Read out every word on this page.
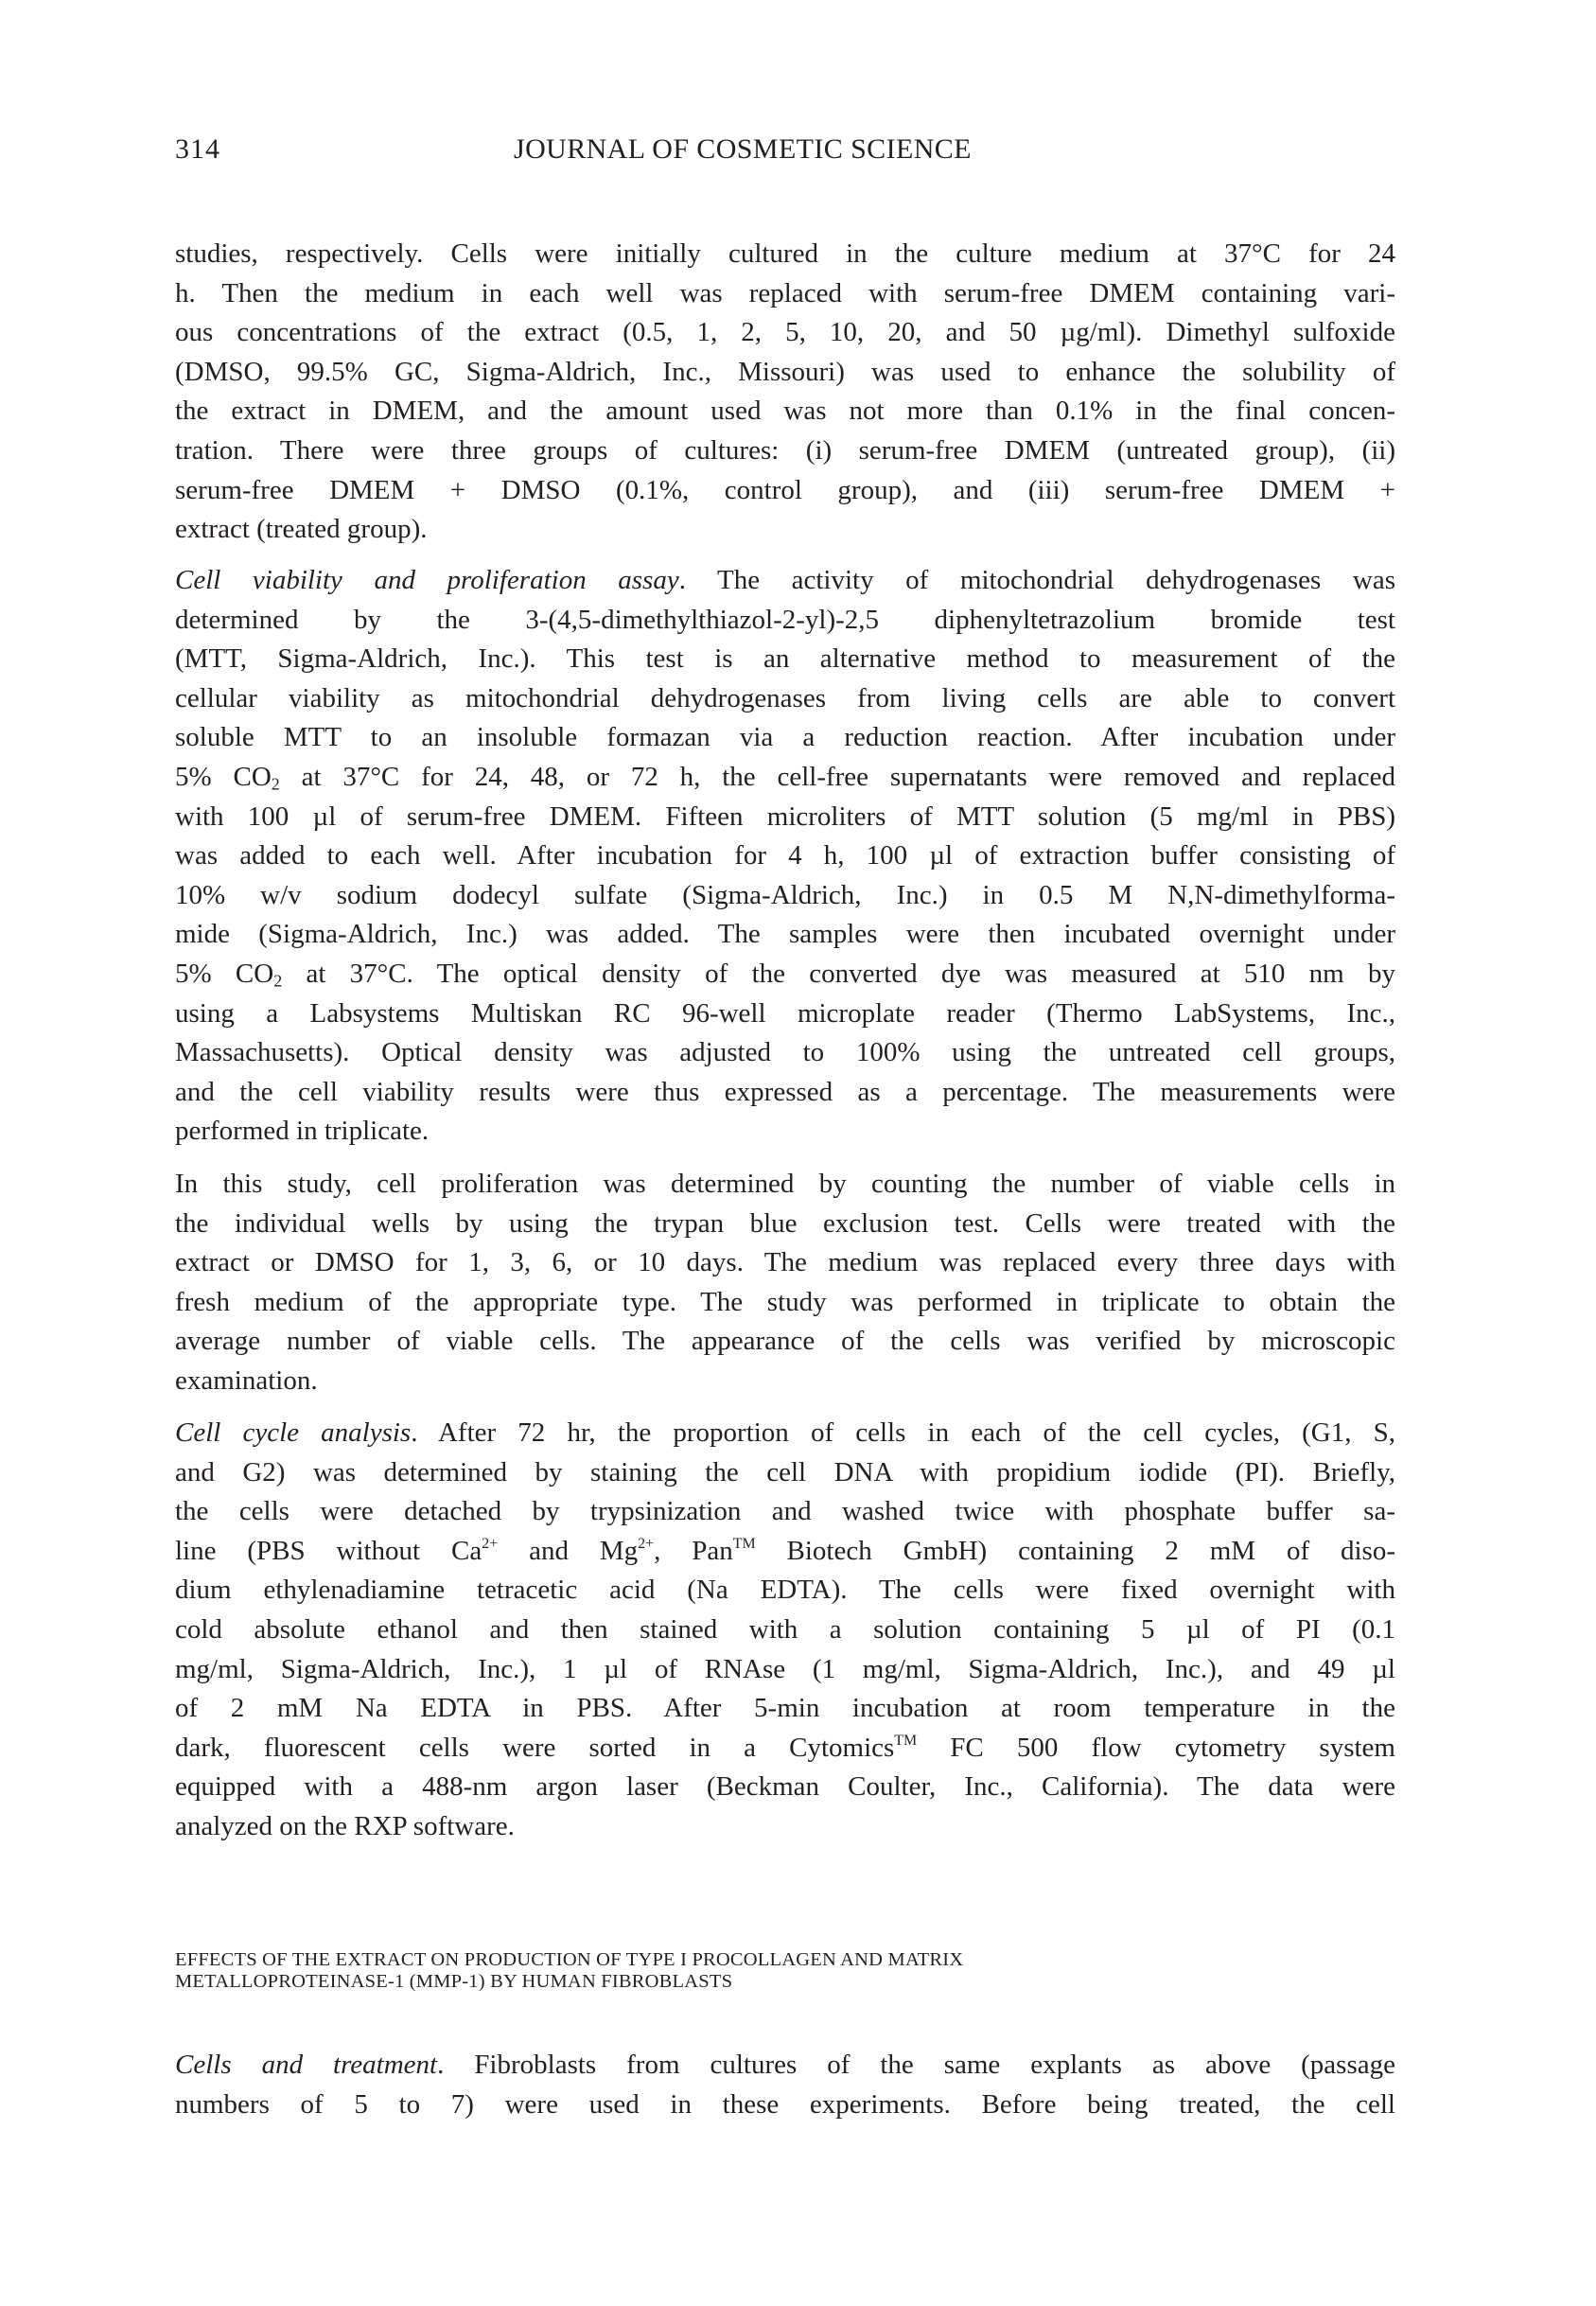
314	JOURNAL OF COSMETIC SCIENCE
studies, respectively. Cells were initially cultured in the culture medium at 37°C for 24
h. Then the medium in each well was replaced with serum-free DMEM containing vari-
ous concentrations of the extract (0.5, 1, 2, 5, 10, 20, and 50 µg/ml). Dimethyl sulfoxide
(DMSO, 99.5% GC, Sigma-Aldrich, Inc., Missouri) was used to enhance the solubility of
the extract in DMEM, and the amount used was not more than 0.1% in the final concen-
tration. There were three groups of cultures: (i) serum-free DMEM (untreated group), (ii)
serum-free DMEM + DMSO (0.1%, control group), and (iii) serum-free DMEM +
extract (treated group).
Cell viability and proliferation assay. The activity of mitochondrial dehydrogenases was
determined by the 3-(4,5-dimethylthiazol-2-yl)-2,5 diphenyltetrazolium bromide test
(MTT, Sigma-Aldrich, Inc.). This test is an alternative method to measurement of the
cellular viability as mitochondrial dehydrogenases from living cells are able to convert
soluble MTT to an insoluble formazan via a reduction reaction. After incubation under
5% $CO_2$ at 37°C for 24, 48, or 72 h, the cell-free supernatants were removed and replaced
with 100 µl of serum-free DMEM. Fifteen microliters of MTT solution (5 mg/ml in PBS)
was added to each well. After incubation for 4 h, 100 µl of extraction buffer consisting of
10% w/v sodium dodecyl sulfate (Sigma-Aldrich, Inc.) in 0.5 M N,N-dimethylforma-
mide (Sigma-Aldrich, Inc.) was added. The samples were then incubated overnight under
5% $CO_2$ at 37°C. The optical density of the converted dye was measured at 510 nm by
using a Labsystems Multiskan RC 96-well microplate reader (Thermo LabSystems, Inc.,
Massachusetts). Optical density was adjusted to 100% using the untreated cell groups,
and the cell viability results were thus expressed as a percentage. The measurements were
performed in triplicate.
In this study, cell proliferation was determined by counting the number of viable cells in
the individual wells by using the trypan blue exclusion test. Cells were treated with the
extract or DMSO for 1, 3, 6, or 10 days. The medium was replaced every three days with
fresh medium of the appropriate type. The study was performed in triplicate to obtain the
average number of viable cells. The appearance of the cells was verified by microscopic
examination.
Cell cycle analysis. After 72 hr, the proportion of cells in each of the cell cycles, (G1, S,
and G2) was determined by staining the cell DNA with propidium iodide (PI). Briefly,
the cells were detached by trypsinization and washed twice with phosphate buffer sa-
line (PBS without $Ca^{2+}$ and $Mg^{2+}$, Pan™ Biotech GmbH) containing 2 mM of diso-
dium ethylenadiamine tetracetic acid (Na EDTA). The cells were fixed overnight with
cold absolute ethanol and then stained with a solution containing 5 µl of PI (0.1
mg/ml, Sigma-Aldrich, Inc.), 1 µl of RNAse (1 mg/ml, Sigma-Aldrich, Inc.), and 49 µl
of 2 mM Na EDTA in PBS. After 5-min incubation at room temperature in the
dark, fluorescent cells were sorted in a Cytomics™ FC 500 flow cytometry system
equipped with a 488-nm argon laser (Beckman Coulter, Inc., California). The data were
analyzed on the RXP software.
EFFECTS OF THE EXTRACT ON PRODUCTION OF TYPE I PROCOLLAGEN AND MATRIX
METALLOPROTEINASE-1 (MMP-1) BY HUMAN FIBROBLASTS
Cells and treatment. Fibroblasts from cultures of the same explants as above (passage
numbers of 5 to 7) were used in these experiments. Before being treated, the cell
